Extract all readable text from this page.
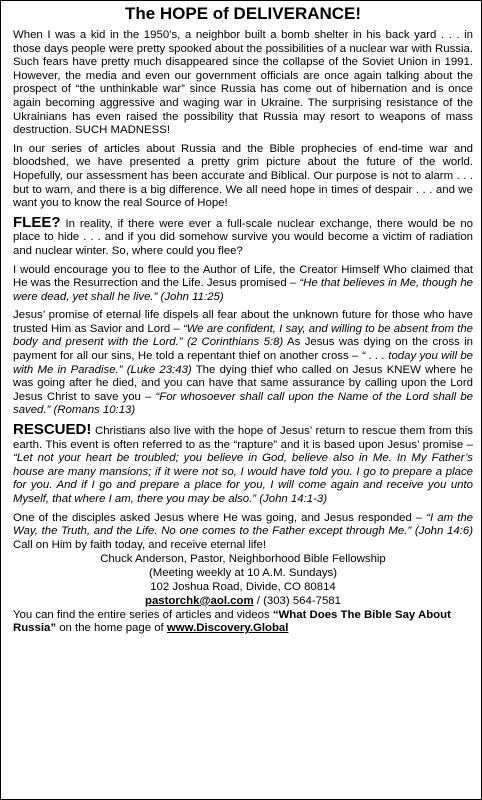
The HOPE of DELIVERANCE!

When I was a kid in the 1950’s, a neighbor built a bomb shelter in his back yard . . . in those days people were pretty spooked about the possibilities of a nuclear war with Russia. Such fears have pretty much disappeared since the collapse of the Soviet Union in 1991. However, the media and even our government officials are once again talking about the prospect of “the unthinkable war” since Russia has come out of hibernation and is once again becoming aggressive and waging war in Ukraine. The surprising resistance of the Ukrainians has even raised the possibility that Russia may resort to weapons of mass destruction. SUCH MADNESS!

In our series of articles about Russia and the Bible prophecies of end-time war and bloodshed, we have presented a pretty grim picture about the future of the world. Hopefully, our assessment has been accurate and Biblical. Our purpose is not to alarm . . . but to warn, and there is a big difference. We all need hope in times of despair . . . and we want you to know the real Source of Hope!

FLEE? In reality, if there were ever a full-scale nuclear exchange, there would be no place to hide . . . and if you did somehow survive you would become a victim of radiation and nuclear winter. So, where could you flee?

I would encourage you to flee to the Author of Life, the Creator Himself Who claimed that He was the Resurrection and the Life. Jesus promised – “He that believes in Me, though he were dead, yet shall he live.” (John 11:25)

Jesus’ promise of eternal life dispels all fear about the unknown future for those who have trusted Him as Savior and Lord – “We are confident, I say, and willing to be absent from the body and present with the Lord.” (2 Corinthians 5:8) As Jesus was dying on the cross in payment for all our sins, He told a repentant thief on another cross – “ . . . today you will be with Me in Paradise.” (Luke 23:43) The dying thief who called on Jesus KNEW where he was going after he died, and you can have that same assurance by calling upon the Lord Jesus Christ to save you – “For whosoever shall call upon the Name of the Lord shall be saved.” (Romans 10:13)

RESCUED! Christians also live with the hope of Jesus’ return to rescue them from this earth. This event is often referred to as the “rapture” and it is based upon Jesus’ promise – “Let not your heart be troubled; you believe in God, believe also in Me. In My Father’s house are many mansions; if it were not so, I would have told you. I go to prepare a place for you. And if I go and prepare a place for you, I will come again and receive you unto Myself, that where I am, there you may be also.” (John 14:1-3)

One of the disciples asked Jesus where He was going, and Jesus responded – “I am the Way, the Truth, and the Life. No one comes to the Father except through Me.” (John 14:6) Call on Him by faith today, and receive eternal life!

Chuck Anderson, Pastor, Neighborhood Bible Fellowship

(Meeting weekly at 10 A.M. Sundays)

102 Joshua Road, Divide, CO 80814

pastorchk@aol.com / (303) 564-7581

You can find the entire series of articles and videos “What Does The Bible Say About Russia” on the home page of www.Discovery.Global
